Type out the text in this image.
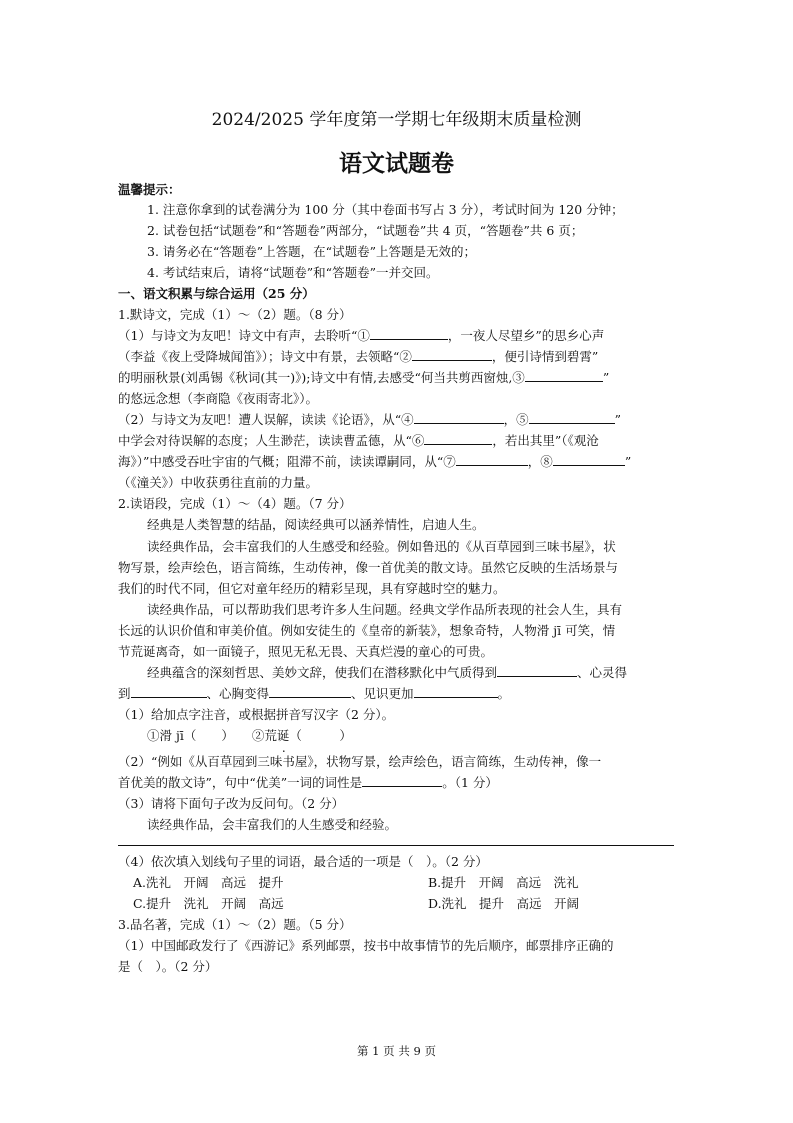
2024/2025 学年度第一学期七年级期末质量检测
语文试题卷
温馨提示：
1. 注意你拿到的试卷满分为 100 分（其中卷面书写占 3 分），考试时间为 120 分钟；
2. 试卷包括“试题卷”和“答题卷”两部分，“试题卷”共 4 页，“答题卷”共 6 页；
3. 请务必在“答题卷”上答题，在“试题卷”上答题是无效的；
4. 考试结束后，请将“试题卷”和“答题卷”一并交回。
一、语文积累与综合运用（25 分）
1.默诗文，完成（1）～（2）题。（8 分）
（1）与诗文为友吧！诗文中有声，去聆听“①	，一夜人尽望乡”的思乡心声
（李益《夜上受降城闻笛》）；诗文中有景，去领略“②	，便引诗情到碧霄”
的明丽秋景(刘禹锡《秋词(其一)》);诗文中有情,去感受“何当共剪西窗烛,③	”
的悠远念想（李商隐《夜雨寄北》）。
（2）与诗文为友吧！遭人误解，读读《论语》，从“④	，⑤	”
中学会对待误解的态度；人生渺茫，读读曹孟德，从“⑥	，若出其里”（《观沧
海》）”中感受吞吐宇宙的气概；阻滞不前，读读谭嗣同，从“⑦	，⑧	”
（《潼关》）中收获勇往直前的力量。
2.读语段，完成（1）～（4）题。（7 分）
经典是人类智慧的结晶，阅读经典可以涵养情性，启迪人生。
读经典作品，会丰富我们的人生感受和经验。例如鲁迅的《从百草园到三味书屋》，状
物写景，绘声绘色，语言简练，生动传神，像一首优美的散文诗。虽然它反映的生活场景与
我们的时代不同，但它对童年经历的精彩呈现，具有穿越时空的魅力。
读经典作品，可以帮助我们思考许多人生问题。经典文学作品所表现的社会人生，具有
长远的认识价值和审美价值。例如安徒生的《皇帝的新装》，想象奇特，人物滑 jī 可笑，情
节荒诞离奇，如一面镜子，照见无私无畏、天真烂漫的童心的可贵。
经典蕴含的深刻哲思、美妙文辞，使我们在潜移默化中气质得到	、心灵得
到	、心胸变得	、见识更加	。
（1）给加点字注音，或根据拼音写汉字（2 分）。
①滑 jī（　　） ②荒诞（　　　）
（2）“例如《从百草园到三味书屋》，状物写景，绘声绘色，语言简练，生动传神，像一
首优美的散文诗”，句中“优美”一词的词性是	。（1 分）
（3）请将下面句子改为反问句。（2 分）
读经典作品，会丰富我们的人生感受和经验。
（4）依次填入划线句子里的词语，最合适的一项是（　）。（2 分）
A.洗礼　开阔　高远　提升	B.提升　开阔　高远　洗礼
C.提升　洗礼　开阔　高远	D.洗礼　提升　高远　开阔
3.品名著，完成（1）～（2）题。（5 分）
（1）中国邮政发行了《西游记》系列邮票，按书中故事情节的先后顺序，邮票排序正确的
是（　）。（2 分）
第 1 页 共 9 页
